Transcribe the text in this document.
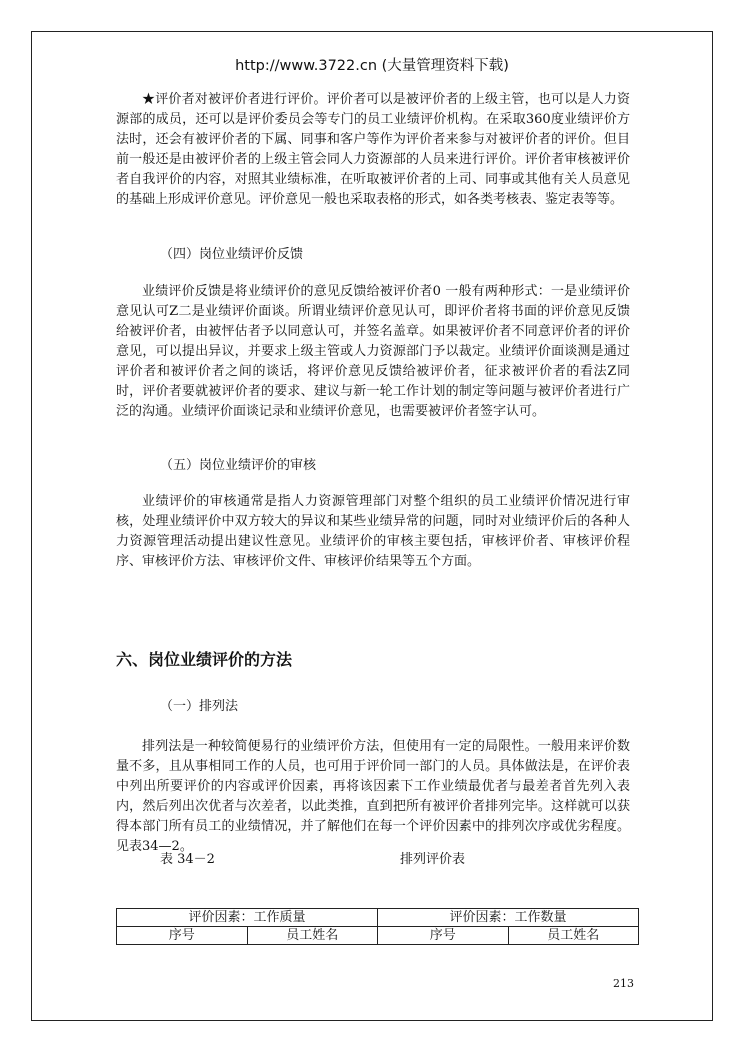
http://www.3722.cn (大量管理资料下载)

★评价者对被评价者进行评价。评价者可以是被评价者的上级主管，也可以是人力资源部的成员，还可以是评价委员会等专门的员工业绩评价机构。在采取360度业绩评价方法时，还会有被评价者的下属、同事和客户等作为评价者来参与对被评价者的评价。但目前一般还是由被评价者的上级主管会同人力资源部的人员来进行评价。评价者审核被评价者自我评价的内容，对照其业绩标准，在听取被评价者的上司、同事或其他有关人员意见的基础上形成评价意见。评价意见一般也采取表格的形式，如各类考核表、鉴定表等等。

（四）岗位业绩评价反馈

业绩评价反馈是将业绩评价的意见反馈给被评价者0 一般有两种形式：一是业绩评价意见认可Z二是业绩评价面谈。所谓业绩评价意见认可，即评价者将书面的评价意见反馈给被评价者，由被怦估者予以同意认可，并签名盖章。如果被评价者不同意评价者的评价意见，可以提出异议，并要求上级主管或人力资源部门予以裁定。业绩评价面谈测是通过评价者和被评价者之间的谈话，将评价意见反馈给被评价者，征求被评价者的看法Z同时，评价者要就被评价者的要求、建议与新一轮工作计划的制定等问题与被评价者进行广泛的沟通。业绩评价面谈记录和业绩评价意见，也需要被评价者签字认可。

（五）岗位业绩评价的审核

业绩评价的审核通常是指人力资源管理部门对整个组织的员工业绩评价情况进行审核，处理业绩评价中双方较大的异议和某些业绩异常的问题，同时对业绩评价后的各种人力资源管理活动提出建议性意见。业绩评价的审核主要包括，审核评价者、审核评价程序、审核评价方法、审核评价文件、审核评价结果等五个方面。

六、岗位业绩评价的方法

（一）排列法

排列法是一种较简便易行的业绩评价方法，但使用有一定的局限性。一般用来评价数量不多，且从事相同工作的人员，也可用于评价同一部门的人员。具体做法是，在评价表中列出所要评价的内容或评价因素，再将该因素下工作业绩最优者与最差者首先列入表内，然后列出次优者与次差者，以此类推，直到把所有被评价者排列完毕。这样就可以获得本部门所有员工的业绩情况，并了解他们在每一个评价因素中的排列次序或优劣程度。见表34—2。

表 34－2	排列评价表
评价因素：工作质量		评价因素：工作数量	
序号	员工姓名	序号	员工姓名
213
